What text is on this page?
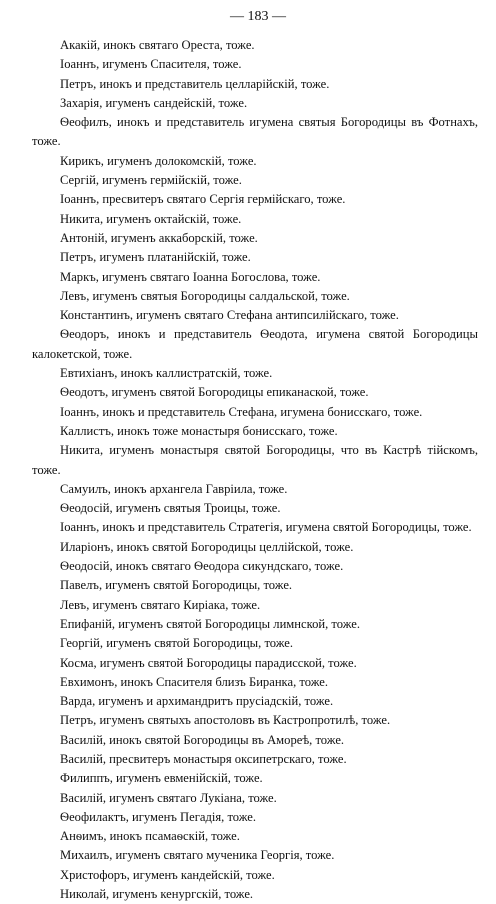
— 183 —

Акакій, инокъ святаго Ореста, тоже.

Іоаннъ, игуменъ Спасителя, тоже.

Петръ, инокъ и представитель целларійскій, тоже.

Захарія, игуменъ сандейскій, тоже.

Ѳеофилъ, инокъ и представитель игумена святыя Богородицы въ Фотнахъ, тоже.

Кирикъ, игуменъ долокомскій, тоже.

Сергій, игуменъ гермійскій, тоже.

Іоаннъ, пресвитеръ святаго Сергія гермійскаго, тоже.

Никита, игуменъ октайскій, тоже.

Антоній, игуменъ аккаборскій, тоже.

Петръ, игуменъ платанійскій, тоже.

Маркъ, игуменъ святаго Іоанна Богослова, тоже.

Левъ, игуменъ святыя Богородицы салдальской, тоже.

Константинъ, игуменъ святаго Стефана антипсилійскаго, тоже.

Ѳеодоръ, инокъ и представитель Ѳеодота, игумена святой Богородицы калокетской, тоже.

Евтихіанъ, инокъ каллистратскій, тоже.

Ѳеодотъ, игуменъ святой Богородицы епиканаской, тоже.

Іоаннъ, инокъ и представитель Стефана, игумена бонисскаго, тоже.

Каллистъ, инокъ тоже монастыря бонисскаго, тоже.

Никита, игуменъ монастыря святой Богородицы, что въ Кастрѣ тійскомъ, тоже.

Самуилъ, инокъ архангела Гавріила, тоже.

Ѳеодосій, игуменъ святыя Троицы, тоже.

Іоаннъ, инокъ и представитель Стратегія, игумена святой Богородицы, тоже.

Иларіонъ, инокъ святой Богородицы целлійской, тоже.

Ѳеодосій, инокъ святаго Ѳеодора сикундскаго, тоже.

Павелъ, игуменъ святой Богородицы, тоже.

Левъ, игуменъ святаго Киріака, тоже.

Епифаній, игуменъ святой Богородицы лимнской, тоже.

Георгій, игуменъ святой Богородицы, тоже.

Косма, игуменъ святой Богородицы парадисской, тоже.

Евхимонъ, инокъ Спасителя близъ Биранка, тоже.

Варда, игуменъ и архимандритъ прусіадскій, тоже.

Петръ, игуменъ святыхъ апостоловъ въ Кастропротилѣ, тоже.

Василій, инокъ святой Богородицы въ Амореѣ, тоже.

Василій, пресвитеръ монастыря оксипетрскаго, тоже.

Филиппъ, игуменъ евменійскій, тоже.

Василій, игуменъ святаго Лукіана, тоже.

Ѳеофилактъ, игуменъ Пегадія, тоже.

Анѳимъ, инокъ псамаѳскій, тоже.

Михаилъ, игуменъ святаго мученика Георгія, тоже.

Христофоръ, игуменъ кандейскій, тоже.

Николай, игуменъ кенургскій, тоже.
